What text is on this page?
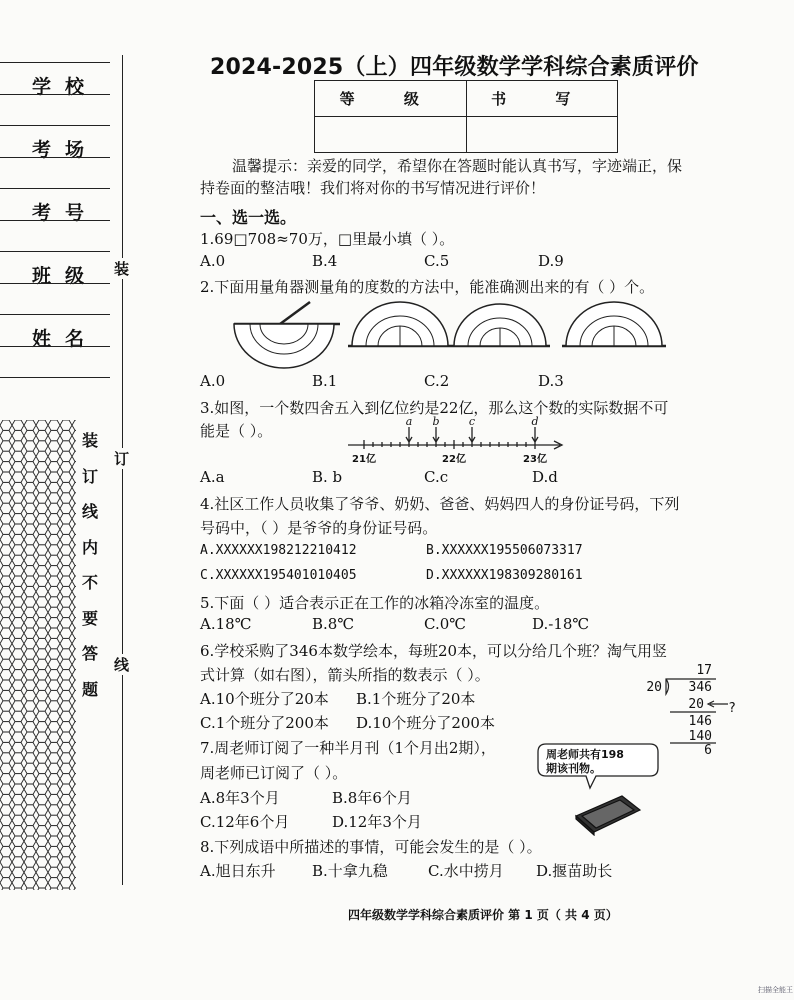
学校
考场
考号
班级
姓名
装
订
线
装
订
线
内
不
要
答
题
2024-2025（上）四年级数学学科综合素质评价
等 级	书 写

温馨提示：亲爱的同学，希望你在答题时能认真书写，字迹端正，保
持卷面的整洁哦！我们将对你的书写情况进行评价！
一、选一选。
1.69□708≈70万，□里最小填（ ）。
A.0	B.4	C.5	D.9
2.下面用量角器测量角的度数的方法中，能准确测出来的有（ ）个。
A.0	B.1	C.2	D.3
3.如图，一个数四舍五入到亿位约是22亿，那么这个数的实际数据不可
能是（ ）。
a b	c	d
21亿	22亿	23亿
A.a	B. b	C.c	D.d
4.社区工作人员收集了爷爷、奶奶、爸爸、妈妈四人的身份证号码，下列
号码中，（ ）是爷爷的身份证号码。
A.XXXXXX198212210412	B.XXXXXX195506073317
C.XXXXXX195401010405	D.XXXXXX198309280161
5.下面（ ）适合表示正在工作的冰箱冷冻室的温度。
A.18℃	B.8℃	C.0℃	D.-18℃
6.学校采购了346本数学绘本，每班20本，可以分给几个班？淘气用竖
式计算（如右图），箭头所指的数表示（ ）。
A.10个班分了20本 B.1个班分了20本
C.1个班分了200本 D.10个班分了200本
17
20 346
20
146
140
6
?
7.周老师订阅了一种半月刊（1个月出2期），
周老师已订阅了（ ）。
周老师共有198
期该刊物。
A.8年3个月	B.8年6个月
C.12年6个月	D.12年3个月
8.下列成语中所描述的事情，可能会发生的是（ ）。
A.旭日东升 B.十拿九稳	C.水中捞月 D.揠苗助长
四年级数学学科综合素质评价 第 1 页（ 共 4 页）
扫描全能王
